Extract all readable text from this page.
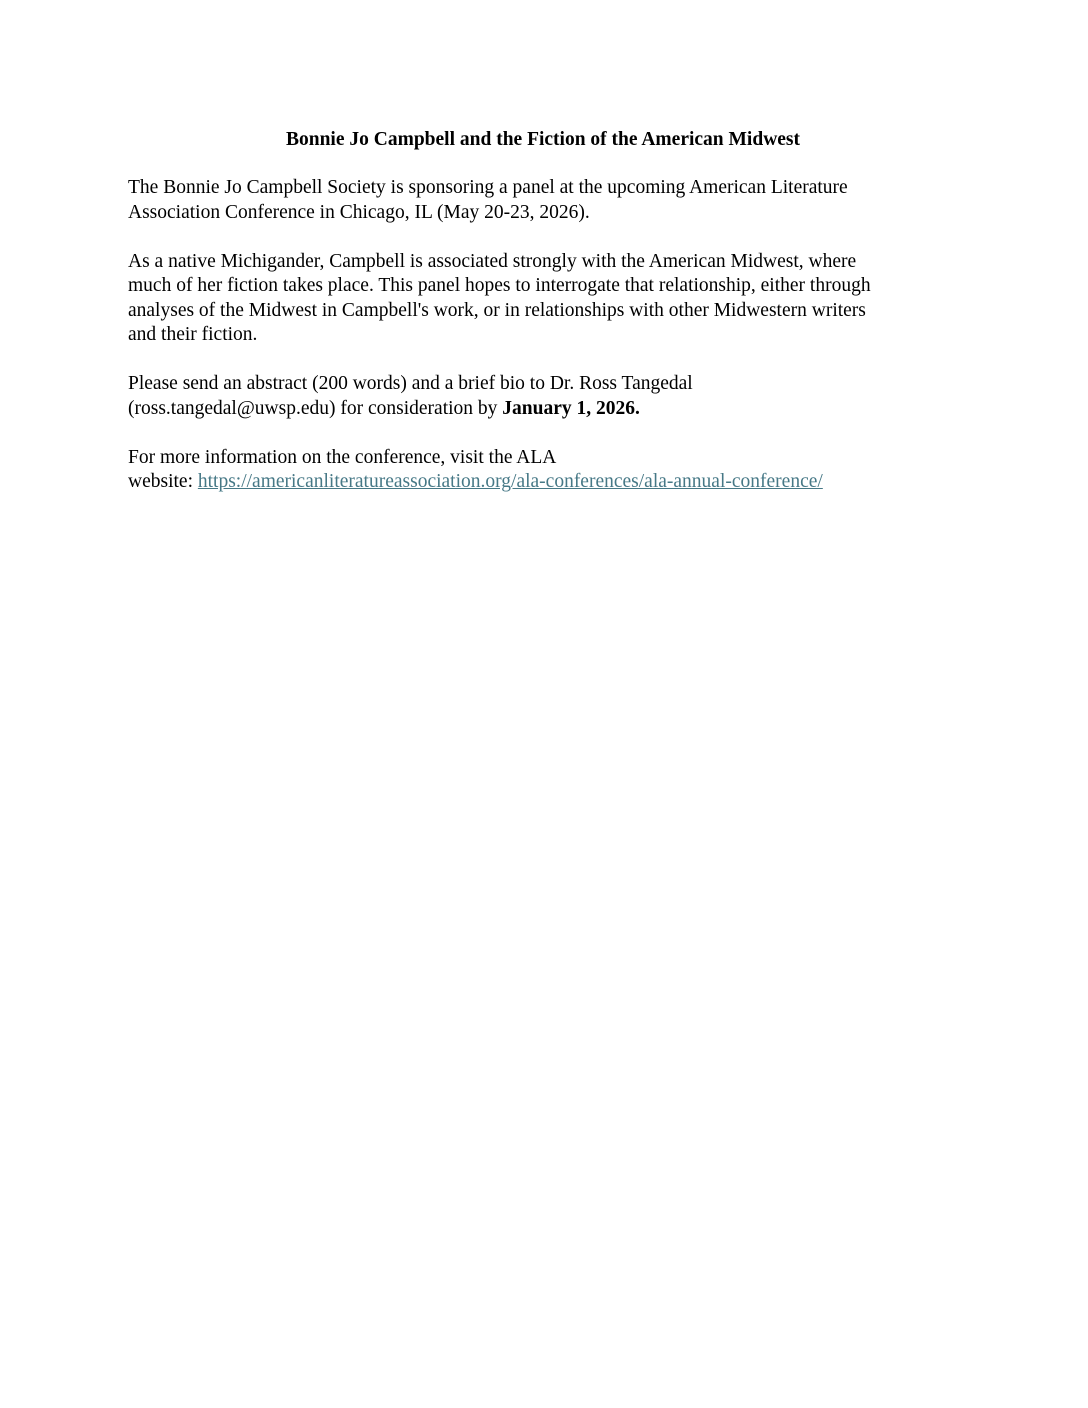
Bonnie Jo Campbell and the Fiction of the American Midwest
The Bonnie Jo Campbell Society is sponsoring a panel at the upcoming American Literature
Association Conference in Chicago, IL (May 20-23, 2026).
As a native Michigander, Campbell is associated strongly with the American Midwest, where
much of her fiction takes place. This panel hopes to interrogate that relationship, either through
analyses of the Midwest in Campbell's work, or in relationships with other Midwestern writers
and their fiction.
Please send an abstract (200 words) and a brief bio to Dr. Ross Tangedal
(ross.tangedal@uwsp.edu) for consideration by January 1, 2026.
For more information on the conference, visit the ALA
website: https://americanliteratureassociation.org/ala-conferences/ala-annual-conference/
